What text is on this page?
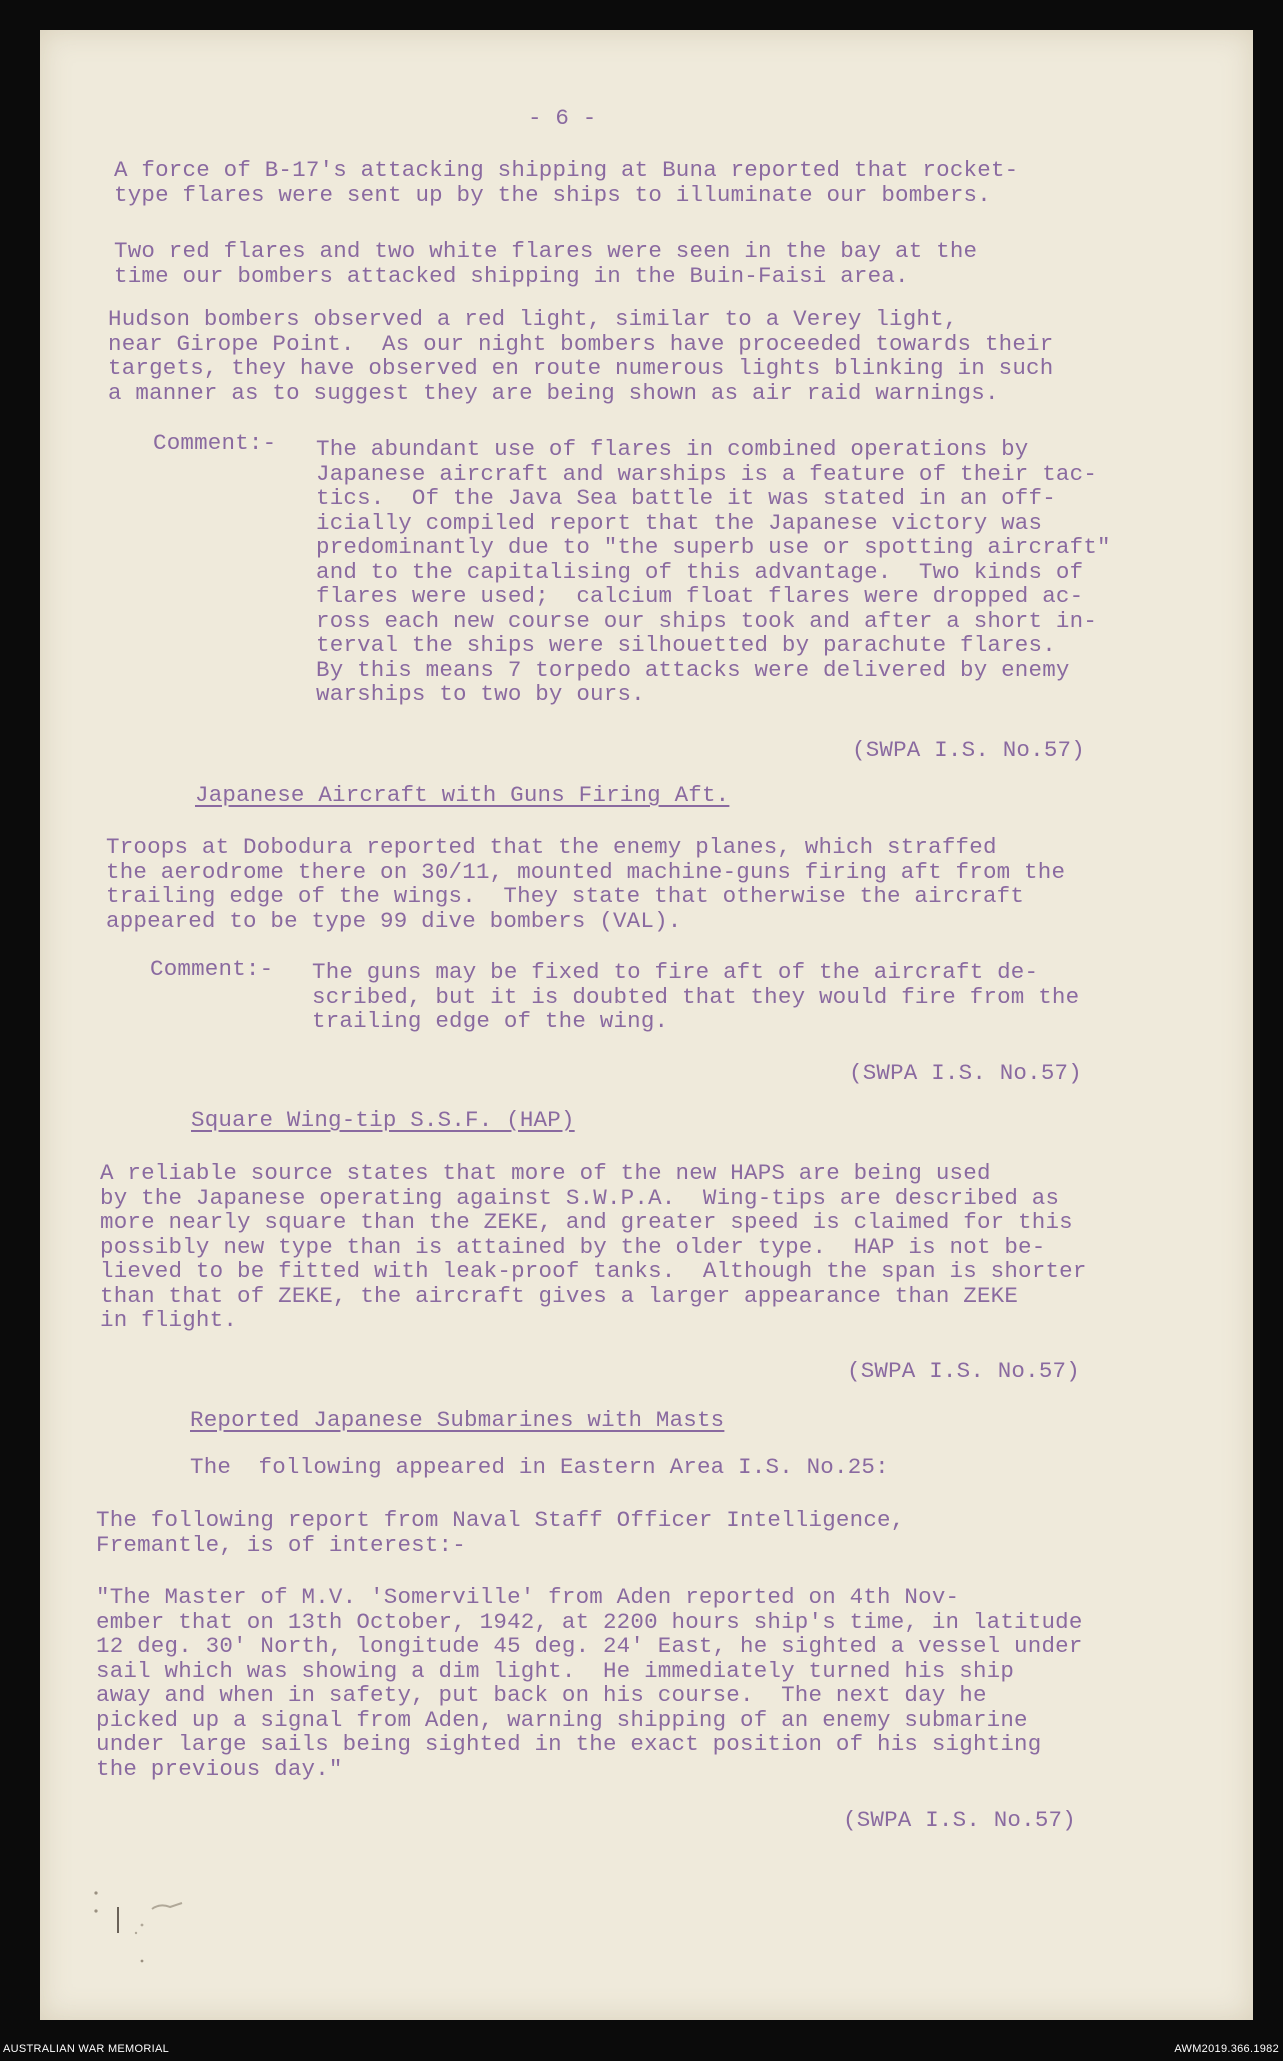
- 6 -
A force of B-17's attacking shipping at Buna reported that rocket-
type flares were sent up by the ships to illuminate our bombers.
Two red flares and two white flares were seen in the bay at the
time our bombers attacked shipping in the Buin-Faisi area.
Hudson bombers observed a red light, similar to a Verey light,
near Girope Point.  As our night bombers have proceeded towards their
targets, they have observed en route numerous lights blinking in such
a manner as to suggest they are being shown as air raid warnings.
Comment:- The abundant use of flares in combined operations by
Japanese aircraft and warships is a feature of their tac-
tics.  Of the Java Sea battle it was stated in an off-
icially compiled report that the Japanese victory was
predominantly due to "the superb use or spotting aircraft"
and to the capitalising of this advantage.  Two kinds of
flares were used;  calcium float flares were dropped ac-
ross each new course our ships took and after a short in-
terval the ships were silhouetted by parachute flares.
By this means 7 torpedo attacks were delivered by enemy
warships to two by ours.
(SWPA I.S. No.57)
Japanese Aircraft with Guns Firing Aft.
Troops at Dobodura reported that the enemy planes, which straffed
the aerodrome there on 30/11, mounted machine-guns firing aft from the
trailing edge of the wings.  They state that otherwise the aircraft
appeared to be type 99 dive bombers (VAL).
Comment:- The guns may be fixed to fire aft of the aircraft de-
scribed, but it is doubted that they would fire from the
trailing edge of the wing.
(SWPA I.S. No.57)
Square Wing-tip S.S.F. (HAP)
A reliable source states that more of the new HAPS are being used
by the Japanese operating against S.W.P.A.  Wing-tips are described as
more nearly square than the ZEKE, and greater speed is claimed for this
possibly new type than is attained by the older type.  HAP is not be-
lieved to be fitted with leak-proof tanks.  Although the span is shorter
than that of ZEKE, the aircraft gives a larger appearance than ZEKE
in flight.
(SWPA I.S. No.57)
Reported Japanese Submarines with Masts
The  following appeared in Eastern Area I.S. No.25:
The following report from Naval Staff Officer Intelligence,
Fremantle, is of interest:-
"The Master of M.V. 'Somerville' from Aden reported on 4th Nov-
ember that on 13th October, 1942, at 2200 hours ship's time, in latitude
12 deg. 30' North, longitude 45 deg. 24' East, he sighted a vessel under
sail which was showing a dim light.  He immediately turned his ship
away and when in safety, put back on his course.  The next day he
picked up a signal from Aden, warning shipping of an enemy submarine
under large sails being sighted in the exact position of his sighting
the previous day."
(SWPA I.S. No.57)
AUSTRALIAN WAR MEMORIAL	AWM2019.366.1982
